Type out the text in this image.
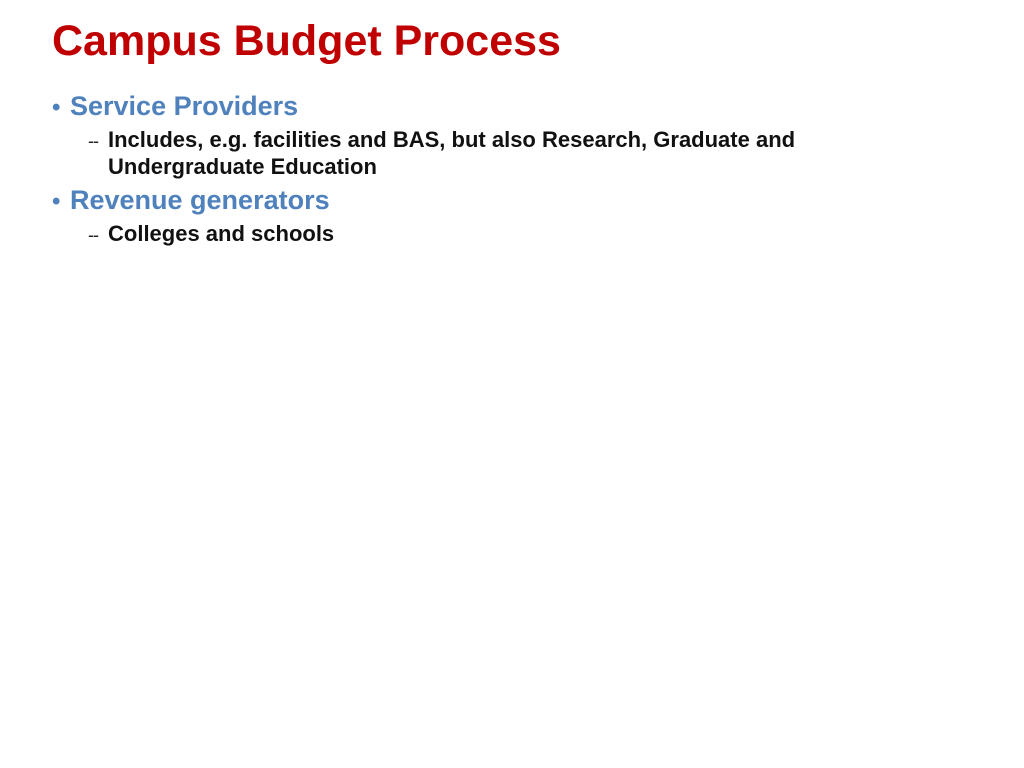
Campus Budget Process
• Service Providers
-- Includes, e.g. facilities and BAS, but also Research, Graduate and Undergraduate Education
• Revenue generators
-- Colleges and schools
